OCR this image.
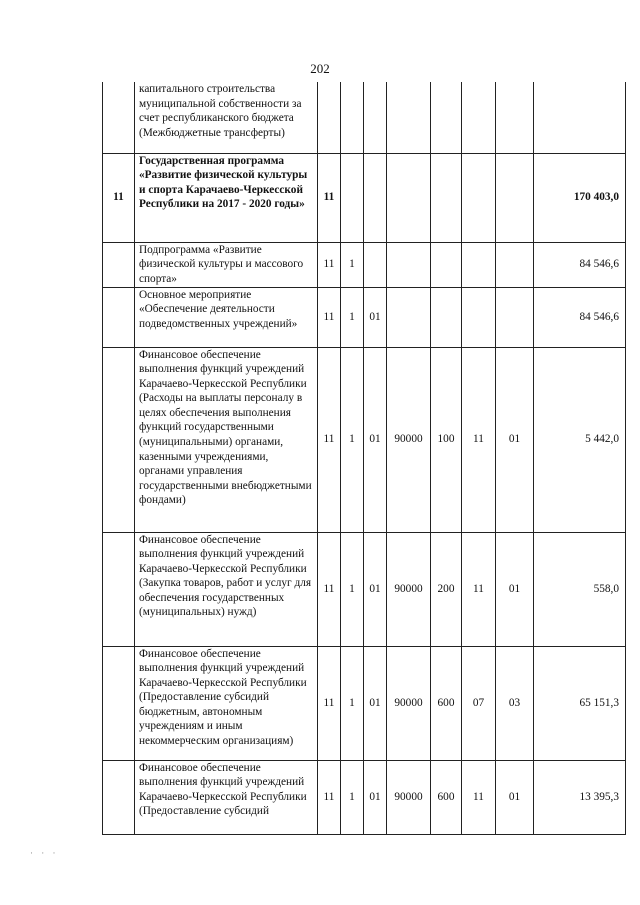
202
	капитального строительства муниципальной собственности за счет республиканского бюджета (Межбюджетные трансферты)								
11	Государственная программа «Развитие физической культуры и спорта Карачаево-Черкесской Республики на 2017 - 2020 годы»	11							170 403,0
	Подпрограмма «Развитие физической культуры и массового спорта»	11	1						84 546,6
	Основное мероприятие «Обеспечение деятельности подведомственных учреждений»	11	1	01					84 546,6
	Финансовое обеспечение выполнения функций учреждений Карачаево-Черкесской Республики (Расходы на выплаты персоналу в целях обеспечения выполнения функций государственными (муниципальными) органами, казенными учреждениями, органами управления государственными внебюджетными фондами)	11	1	01	90000	100	11	01	5 442,0
	Финансовое обеспечение выполнения функций учреждений Карачаево-Черкесской Республики (Закупка товаров, работ и услуг для обеспечения государственных (муниципальных) нужд)	11	1	01	90000	200	11	01	558,0
	Финансовое обеспечение выполнения функций учреждений Карачаево-Черкесской Республики (Предоставление субсидий бюджетным, автономным учреждениям и иным некоммерческим организациям)	11	1	01	90000	600	07	03	65 151,3
	Финансовое обеспечение выполнения функций учреждений Карачаево-Черкесской Республики (Предоставление субсидий	11	1	01	90000	600	11	01	13 395,3
· · ·
